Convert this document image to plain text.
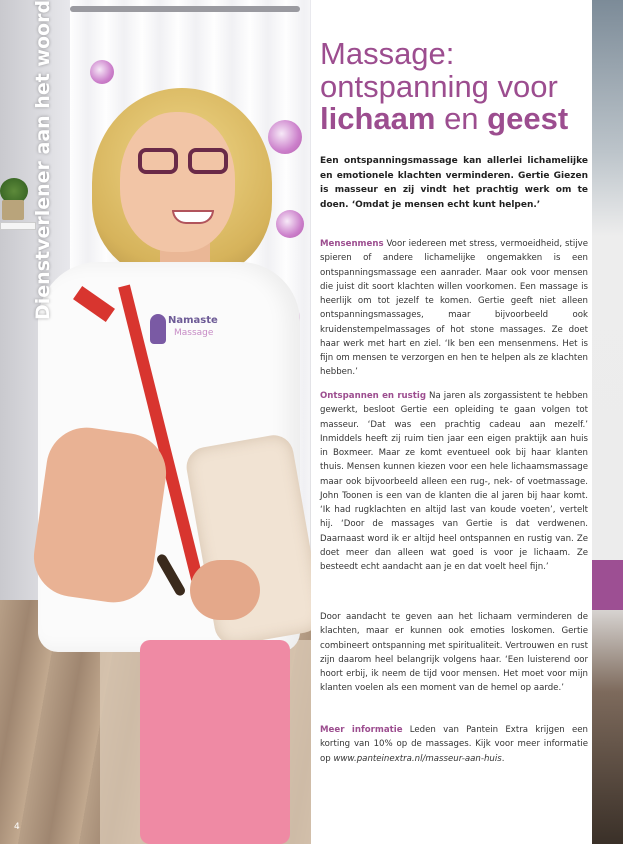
Namaste
Massage
Dienstverlener aan het woord
4
Massage:
ontspanning voor
lichaam en geest
Een ontspanningsmassage kan allerlei lichamelijke en emotionele klachten verminderen. Gertie Giezen is masseur en zij vindt het prachtig werk om te doen. ‘Omdat je mensen echt kunt helpen.’
Mensenmens Voor iedereen met stress, vermoeidheid, stijve spieren of andere lichamelijke ongemakken is een ontspanningsmassage een aanrader. Maar ook voor mensen die juist dit soort klachten willen voorkomen. Een massage is heerlijk om tot jezelf te komen. Gertie geeft niet alleen ontspanningsmassages, maar bijvoorbeeld ook kruidenstempelmassages of hot stone massages. Ze doet haar werk met hart en ziel. ‘Ik ben een mensenmens. Het is fijn om mensen te verzorgen en hen te helpen als ze klachten hebben.’
Ontspannen en rustig Na jaren als zorgassistent te hebben gewerkt, besloot Gertie een opleiding te gaan volgen tot masseur. ‘Dat was een prachtig cadeau aan mezelf.’ Inmiddels heeft zij ruim tien jaar een eigen praktijk aan huis in Boxmeer. Maar ze komt eventueel ook bij haar klanten thuis. Mensen kunnen kiezen voor een hele lichaamsmassage maar ook bijvoorbeeld alleen een rug-, nek- of voetmassage. John Toonen is een van de klanten die al jaren bij haar komt. ‘Ik had rugklachten en altijd last van koude voeten’, vertelt hij. ‘Door de massages van Gertie is dat verdwenen. Daarnaast word ik er altijd heel ontspannen en rustig van. Ze doet meer dan alleen wat goed is voor je lichaam. Ze besteedt echt aandacht aan je en dat voelt heel fijn.’
Door aandacht te geven aan het lichaam verminderen de klachten, maar er kunnen ook emoties loskomen. Gertie combineert ontspanning met spiritualiteit. Vertrouwen en rust zijn daarom heel belangrijk volgens haar. ‘Een luisterend oor hoort erbij, ik neem de tijd voor mensen. Het moet voor mijn klanten voelen als een moment van de hemel op aarde.’
Meer informatie Leden van Pantein Extra krijgen een korting van 10% op de massages. Kijk voor meer informatie op www.panteinextra.nl/masseur-aan-huis.
